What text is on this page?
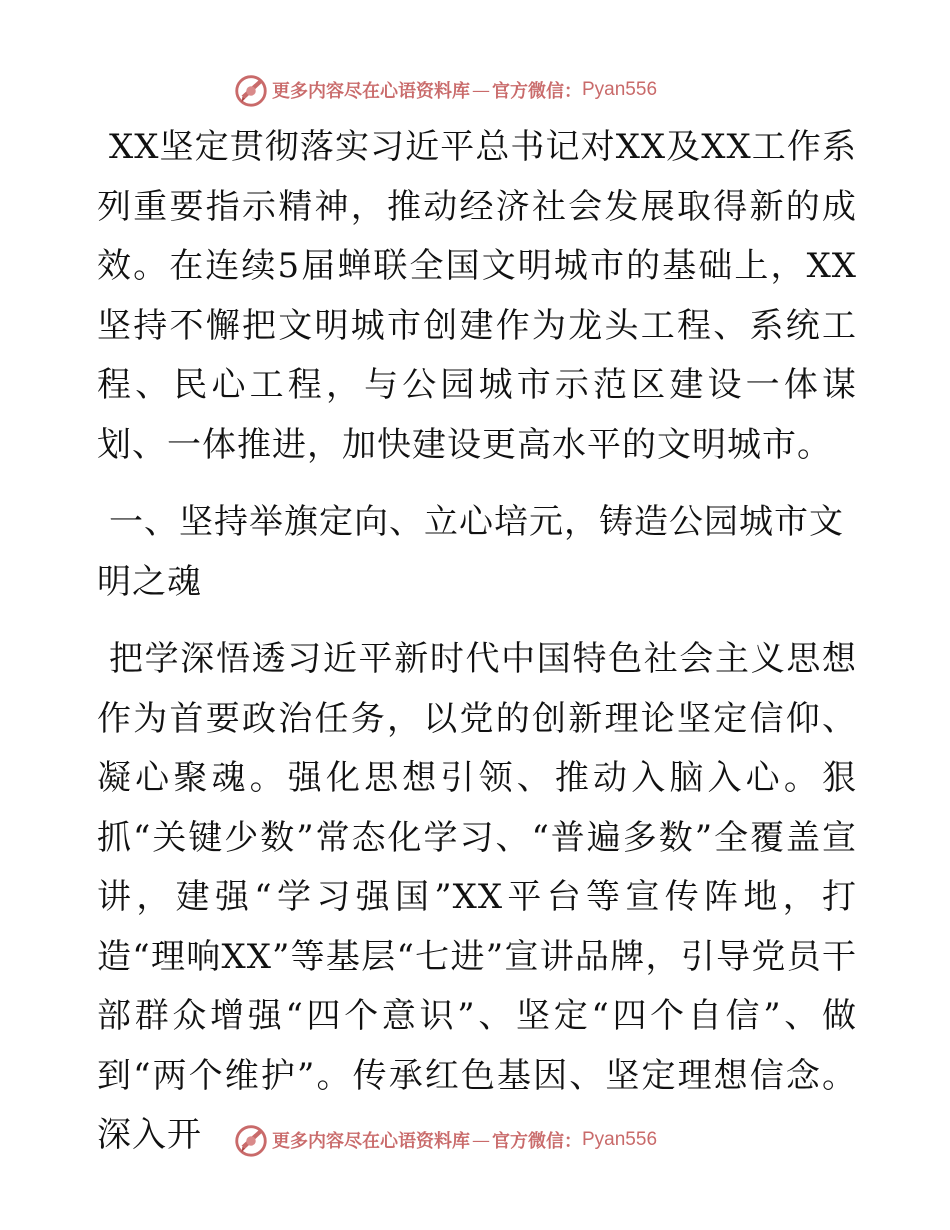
更多内容尽在心语资料库 — 官方微信： Pyan556

XX坚定贯彻落实习近平总书记对XX及XX工作系列重要指示精神，推动经济社会发展取得新的成效。在连续5届蝉联全国文明城市的基础上，XX坚持不懈把文明城市创建作为龙头工程、系统工程、民心工程，与公园城市示范区建设一体谋划、一体推进，加快建设更高水平的文明城市。

一、坚持举旗定向、立心培元，铸造公园城市文明之魂

把学深悟透习近平新时代中国特色社会主义思想作为首要政治任务，以党的创新理论坚定信仰、凝心聚魂。强化思想引领、推动入脑入心。狠抓“关键少数”常态化学习、“普遍多数”全覆盖宣讲，建强“学习强国”XX平台等宣传阵地，打造“理响XX”等基层“七进”宣讲品牌，引导党员干部群众增强“四个意识”、坚定“四个自信”、做到“两个维护”。传承红色基因、坚定理想信念。深入开	更多内容尽在心语资料库 — 官方微信： Pyan556
